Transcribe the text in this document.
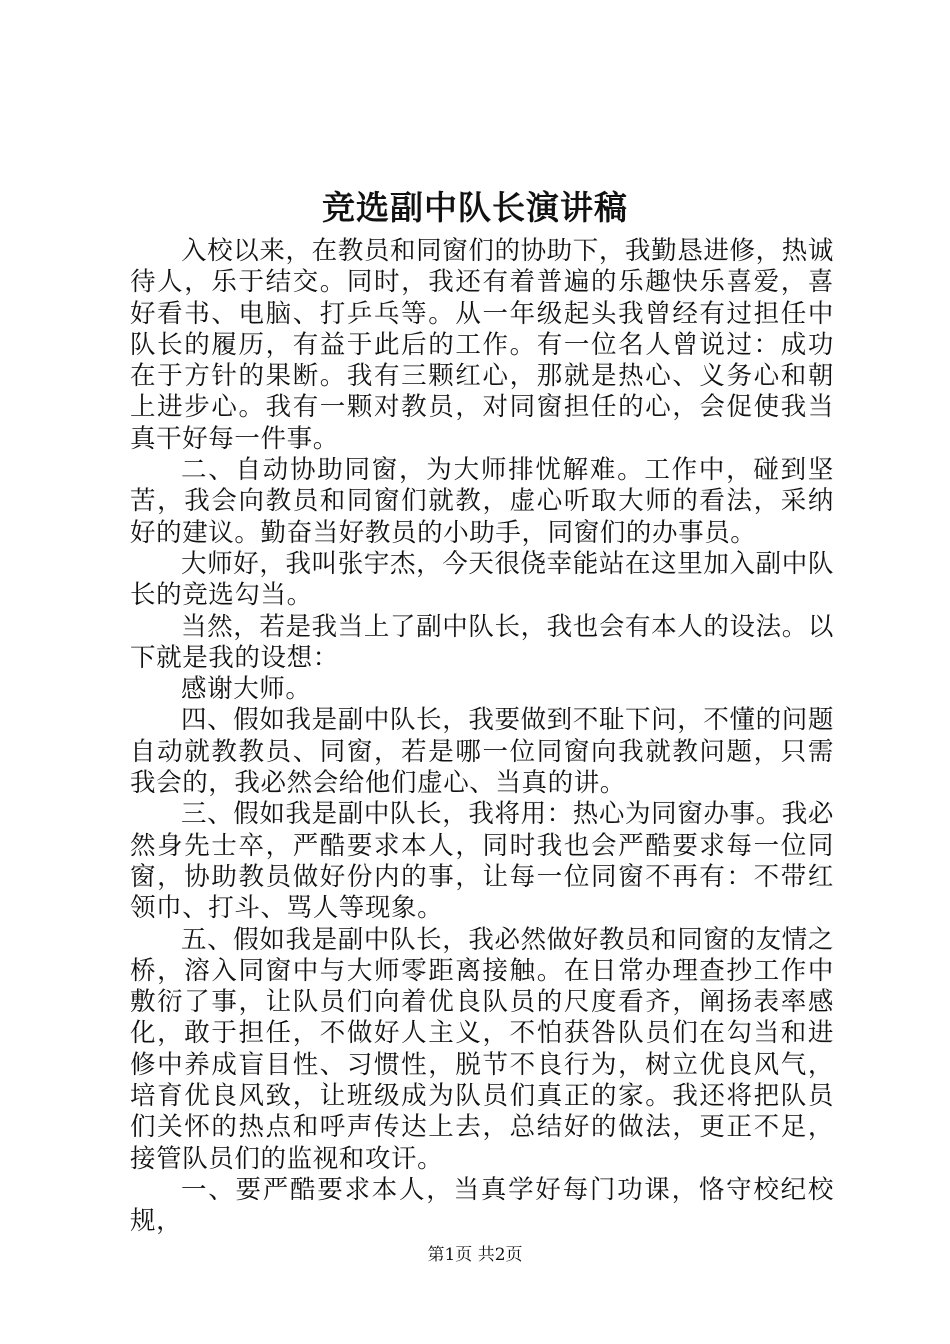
竞选副中队长演讲稿

入校以来，在教员和同窗们的协助下，我勤恳进修，热诚待人，乐于结交。同时，我还有着普遍的乐趣快乐喜爱，喜好看书、电脑、打乒乓等。从一年级起头我曾经有过担任中队长的履历，有益于此后的工作。有一位名人曾说过：成功在于方针的果断。我有三颗红心，那就是热心、义务心和朝上进步心。我有一颗对教员，对同窗担任的心，会促使我当真干好每一件事。

二、自动协助同窗，为大师排忧解难。工作中，碰到坚苦，我会向教员和同窗们就教，虚心听取大师的看法，采纳好的建议。勤奋当好教员的小助手，同窗们的办事员。

大师好，我叫张宇杰，今天很侥幸能站在这里加入副中队长的竞选勾当。

当然，若是我当上了副中队长，我也会有本人的设法。以下就是我的设想：

感谢大师。

四、假如我是副中队长，我要做到不耻下问，不懂的问题自动就教教员、同窗，若是哪一位同窗向我就教问题，只需我会的，我必然会给他们虚心、当真的讲。

三、假如我是副中队长，我将用：热心为同窗办事。我必然身先士卒，严酷要求本人，同时我也会严酷要求每一位同窗，协助教员做好份内的事，让每一位同窗不再有：不带红领巾、打斗、骂人等现象。

五、假如我是副中队长，我必然做好教员和同窗的友情之桥，溶入同窗中与大师零距离接触。在日常办理查抄工作中敷衍了事，让队员们向着优良队员的尺度看齐，阐扬表率感化，敢于担任，不做好人主义，不怕获咎队员们在勾当和进修中养成盲目性、习惯性，脱节不良行为，树立优良风气，培育优良风致，让班级成为队员们真正的家。我还将把队员们关怀的热点和呼声传达上去，总结好的做法，更正不足，接管队员们的监视和攻讦。

一、要严酷要求本人，当真学好每门功课，恪守校纪校规，

第1页 共2页
